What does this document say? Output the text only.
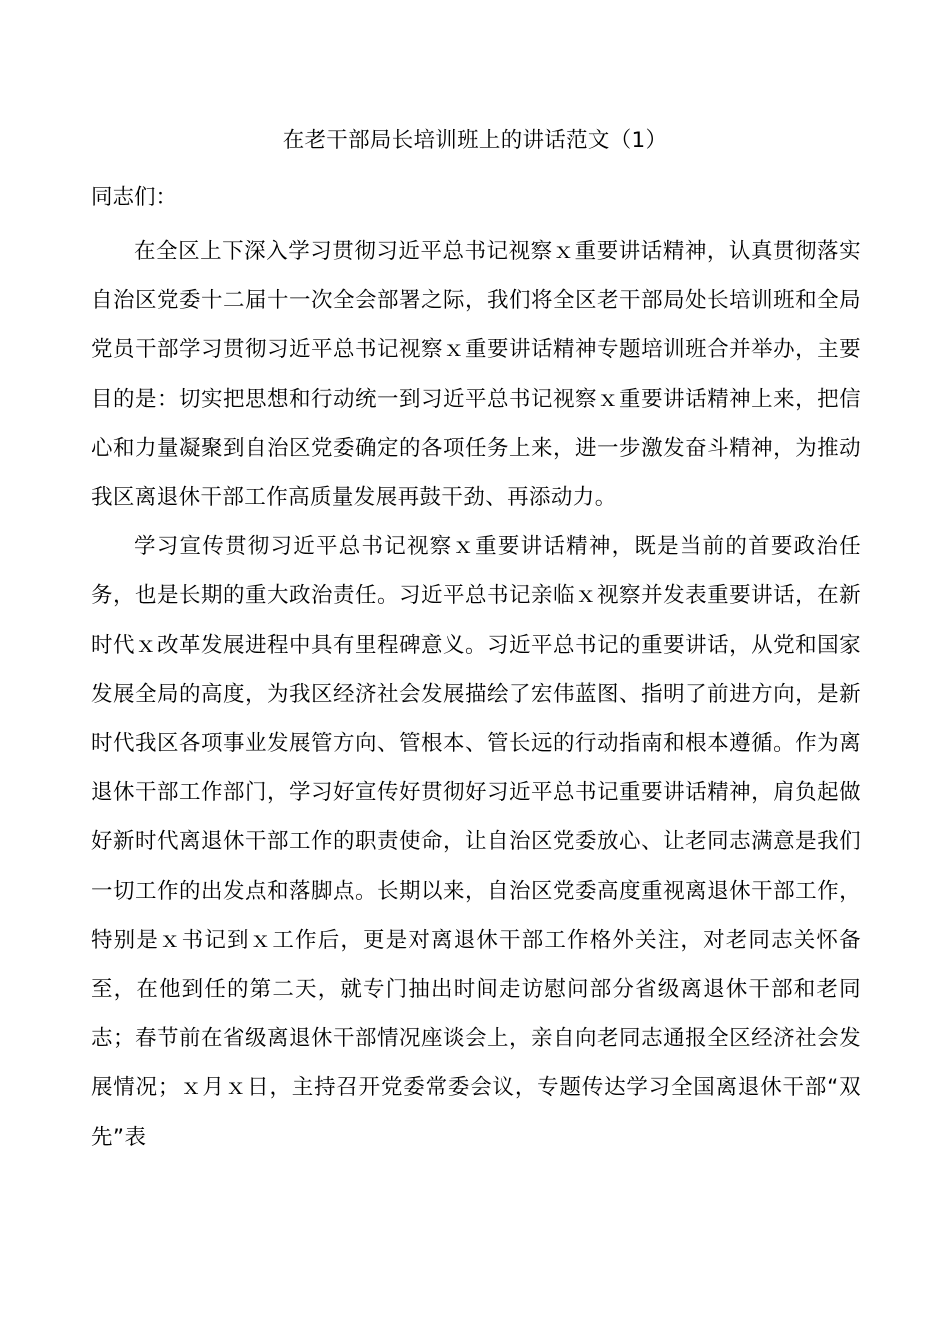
在老干部局长培训班上的讲话范文（1）

同志们：

在全区上下深入学习贯彻习近平总书记视察ｘ重要讲话精神，认真贯彻落实自治区党委十二届十一次全会部署之际，我们将全区老干部局处长培训班和全局党员干部学习贯彻习近平总书记视察ｘ重要讲话精神专题培训班合并举办，主要目的是：切实把思想和行动统一到习近平总书记视察ｘ重要讲话精神上来，把信心和力量凝聚到自治区党委确定的各项任务上来，进一步激发奋斗精神，为推动我区离退休干部工作高质量发展再鼓干劲、再添动力。

学习宣传贯彻习近平总书记视察ｘ重要讲话精神，既是当前的首要政治任务，也是长期的重大政治责任。习近平总书记亲临ｘ视察并发表重要讲话，在新时代ｘ改革发展进程中具有里程碑意义。习近平总书记的重要讲话，从党和国家发展全局的高度，为我区经济社会发展描绘了宏伟蓝图、指明了前进方向，是新时代我区各项事业发展管方向、管根本、管长远的行动指南和根本遵循。作为离退休干部工作部门，学习好宣传好贯彻好习近平总书记重要讲话精神，肩负起做好新时代离退休干部工作的职责使命，让自治区党委放心、让老同志满意是我们一切工作的出发点和落脚点。长期以来，自治区党委高度重视离退休干部工作，特别是ｘ书记到ｘ工作后，更是对离退休干部工作格外关注，对老同志关怀备至，在他到任的第二天，就专门抽出时间走访慰问部分省级离退休干部和老同志；春节前在省级离退休干部情况座谈会上，亲自向老同志通报全区经济社会发展情况；ｘ月ｘ日，主持召开党委常委会议，专题传达学习全国离退休干部“双先”表
